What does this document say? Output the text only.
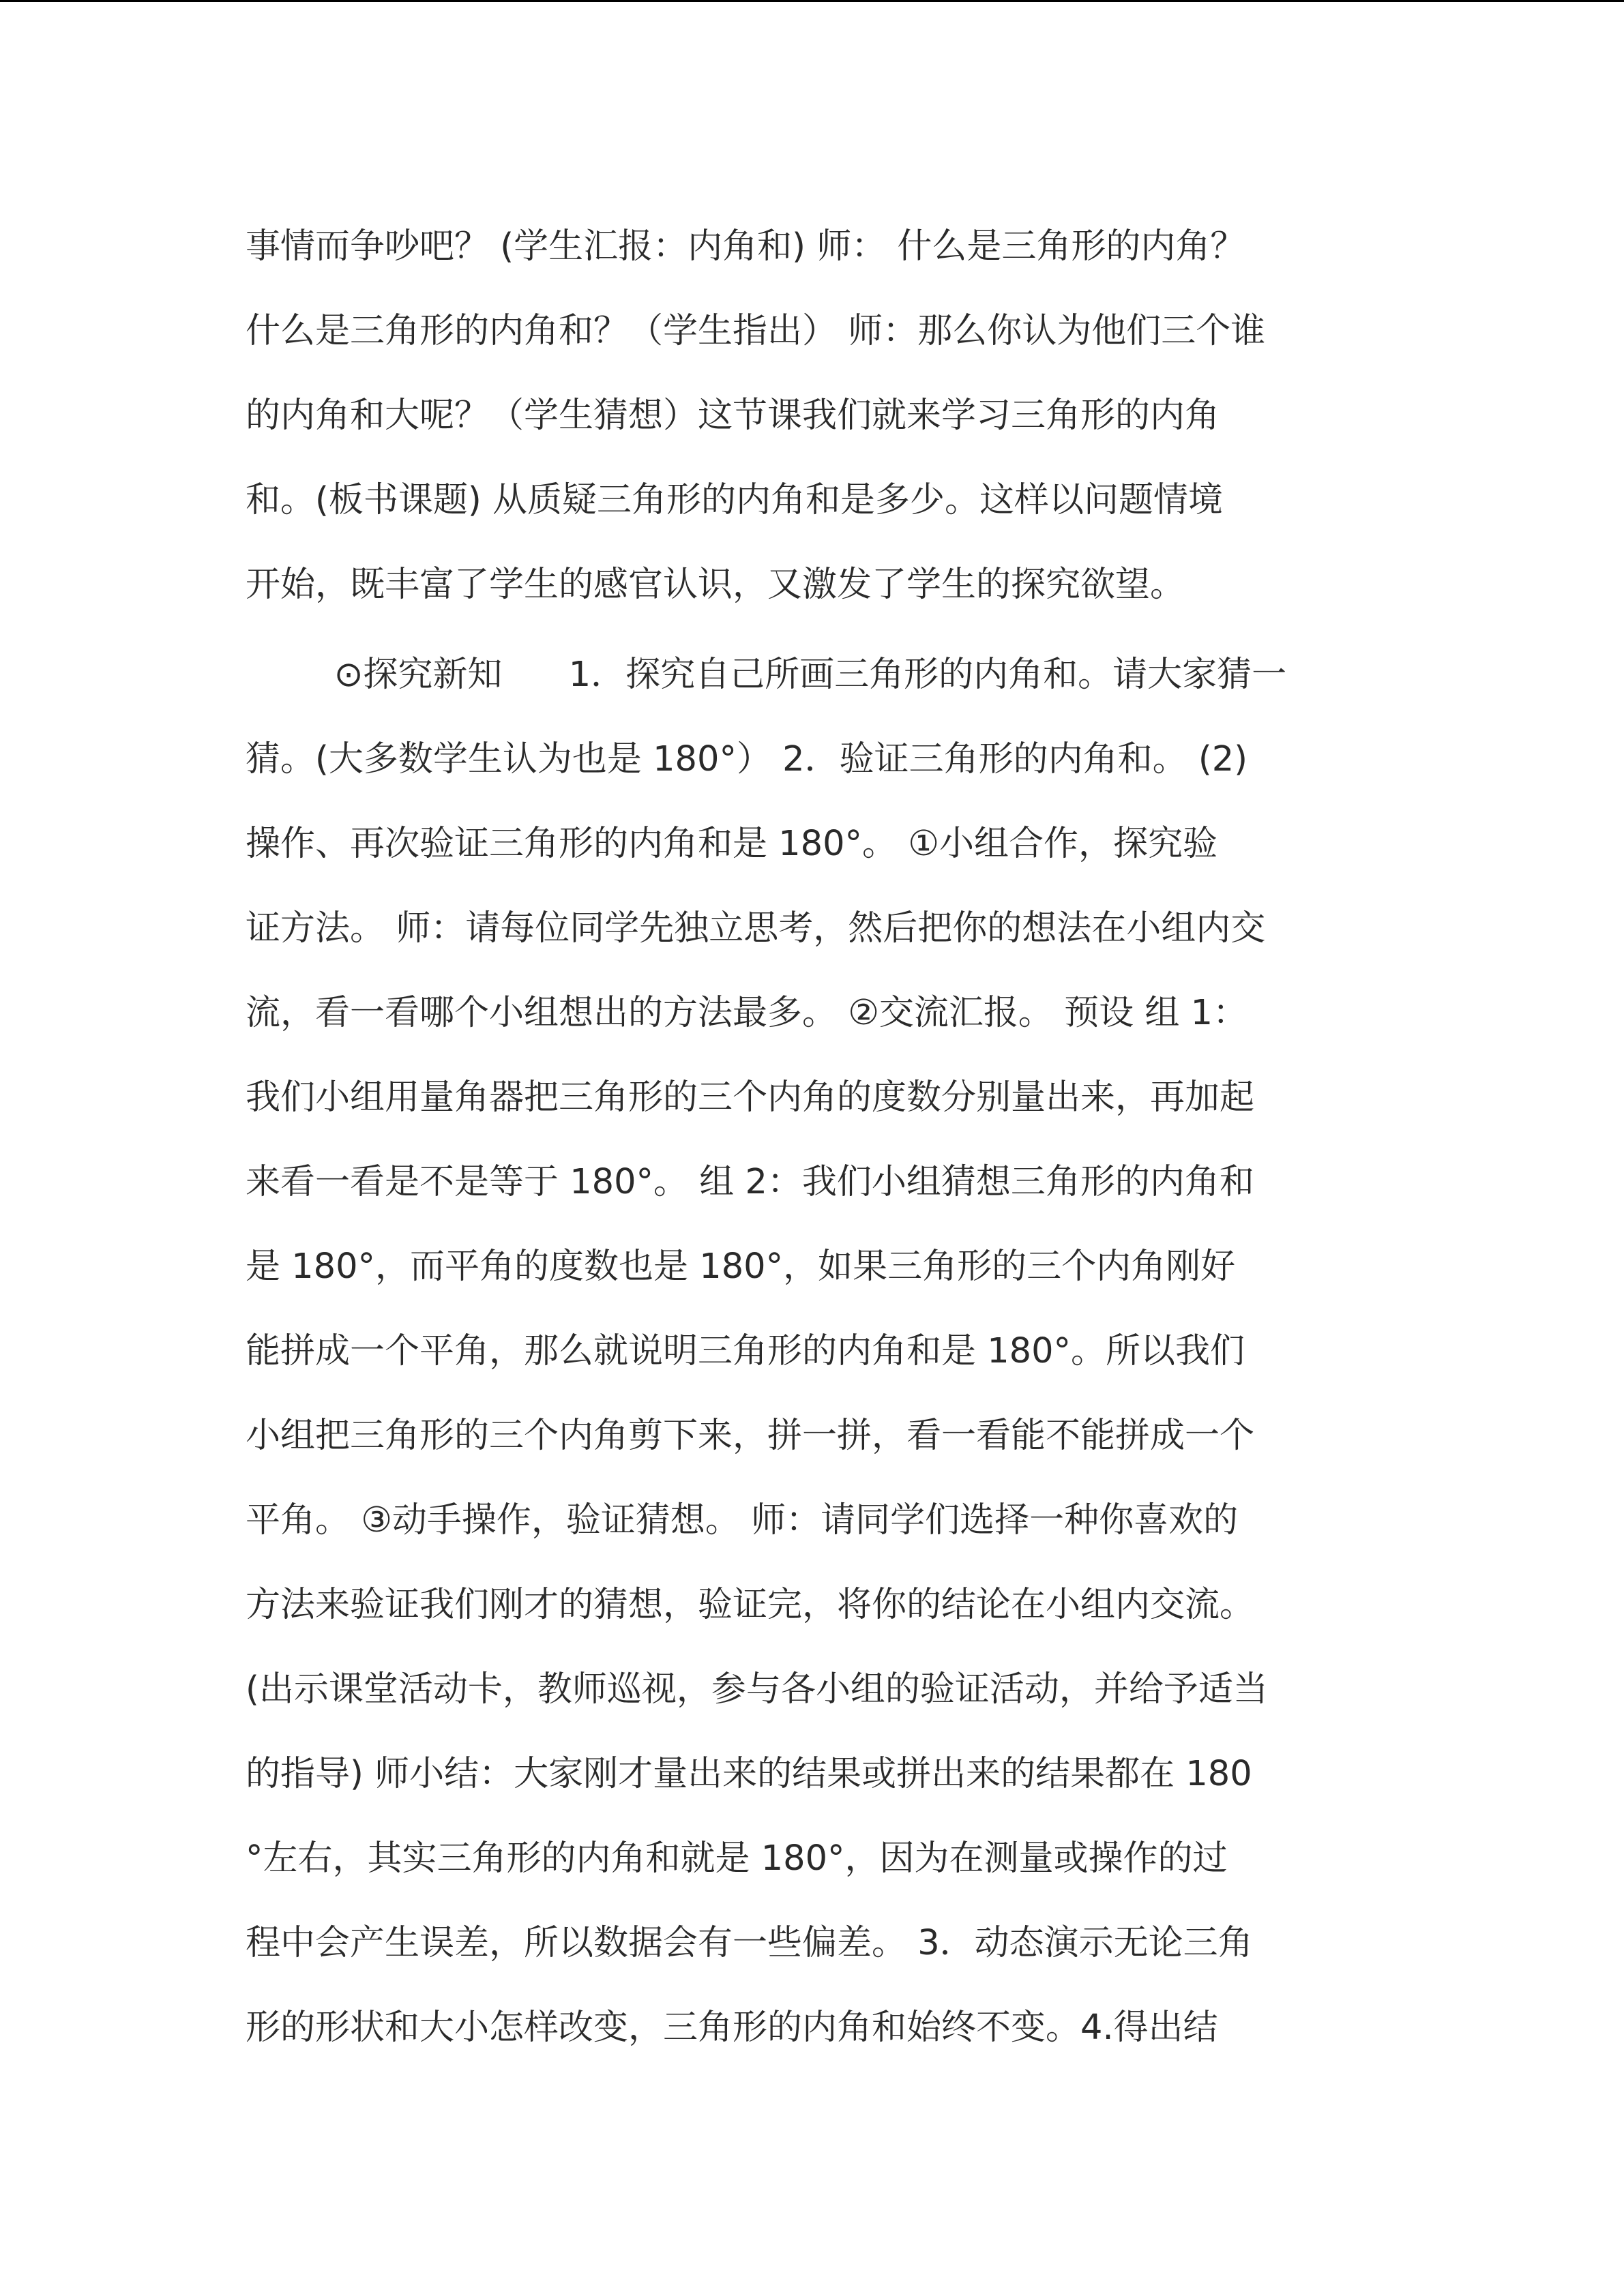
事情而争吵吧？ (学生汇报：内角和) 师： 什么是三角形的内角？
什么是三角形的内角和？（学生指出） 师：那么你认为他们三个谁
的内角和大呢？（学生猜想）这节课我们就来学习三角形的内角
和。(板书课题) 从质疑三角形的内角和是多少。这样以问题情境
开始，既丰富了学生的感官认识，又激发了学生的探究欲望。
⊙探究新知      1．探究自己所画三角形的内角和。请大家猜一
猜。(大多数学生认为也是 180°） 2．验证三角形的内角和。 (2)
操作、再次验证三角形的内角和是 180°。 ①小组合作，探究验
证方法。 师：请每位同学先独立思考，然后把你的想法在小组内交
流，看一看哪个小组想出的方法最多。 ②交流汇报。 预设 组 1：
我们小组用量角器把三角形的三个内角的度数分别量出来，再加起
来看一看是不是等于 180°。 组 2：我们小组猜想三角形的内角和
是 180°，而平角的度数也是 180°，如果三角形的三个内角刚好
能拼成一个平角，那么就说明三角形的内角和是 180°。所以我们
小组把三角形的三个内角剪下来，拼一拼，看一看能不能拼成一个
平角。 ③动手操作，验证猜想。 师：请同学们选择一种你喜欢的
方法来验证我们刚才的猜想，验证完，将你的结论在小组内交流。
(出示课堂活动卡，教师巡视，参与各小组的验证活动，并给予适当
的指导) 师小结：大家刚才量出来的结果或拼出来的结果都在 180
°左右，其实三角形的内角和就是 180°，因为在测量或操作的过
程中会产生误差，所以数据会有一些偏差。 3．动态演示无论三角
形的形状和大小怎样改变，三角形的内角和始终不变。4.得出结
